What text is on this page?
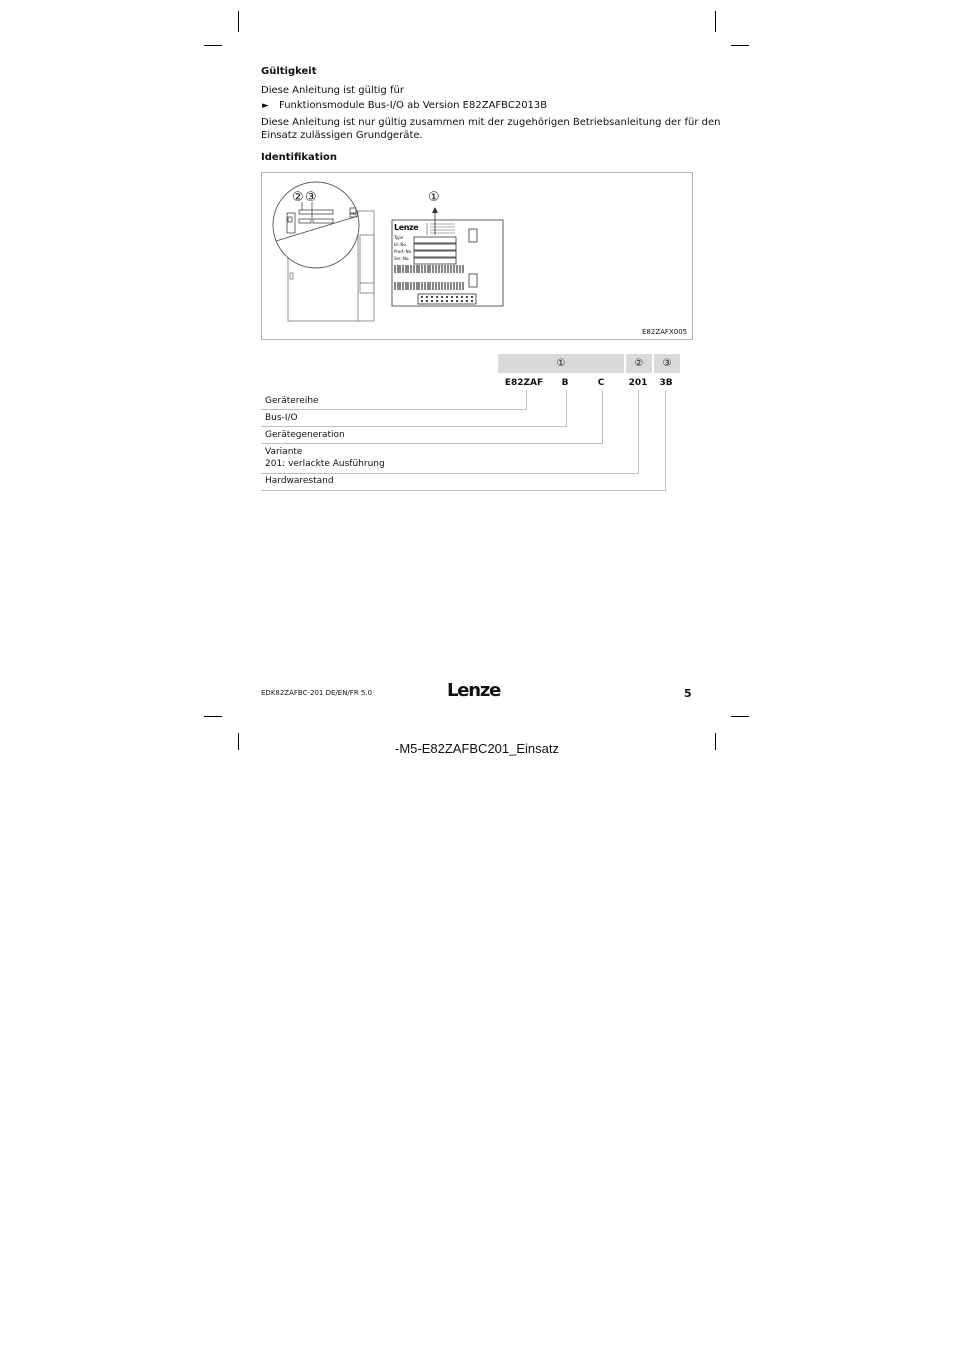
Gültigkeit
Diese Anleitung ist gültig für
► Funktionsmodule Bus-I/O ab Version E82ZAFBC2013B
Diese Anleitung ist nur gültig zusammen mit der zugehörigen Betriebsanleitung der für den
Einsatz zulässigen Grundgeräte.
Identifikation
② ③	①
Lenze
Type
Id.-No.
Prod.-No.
Ser.-No.
E82ZAFX005
①	②	③
E82ZAF	B	C	201	3B
Gerätereihe
Bus-I/O
Gerätegeneration
Variante
201: verlackte Ausführung
Hardwarestand
EDK82ZAFBC-201 DE/EN/FR 5.0	Lenze	5
-M5-E82ZAFBC201_Einsatz
